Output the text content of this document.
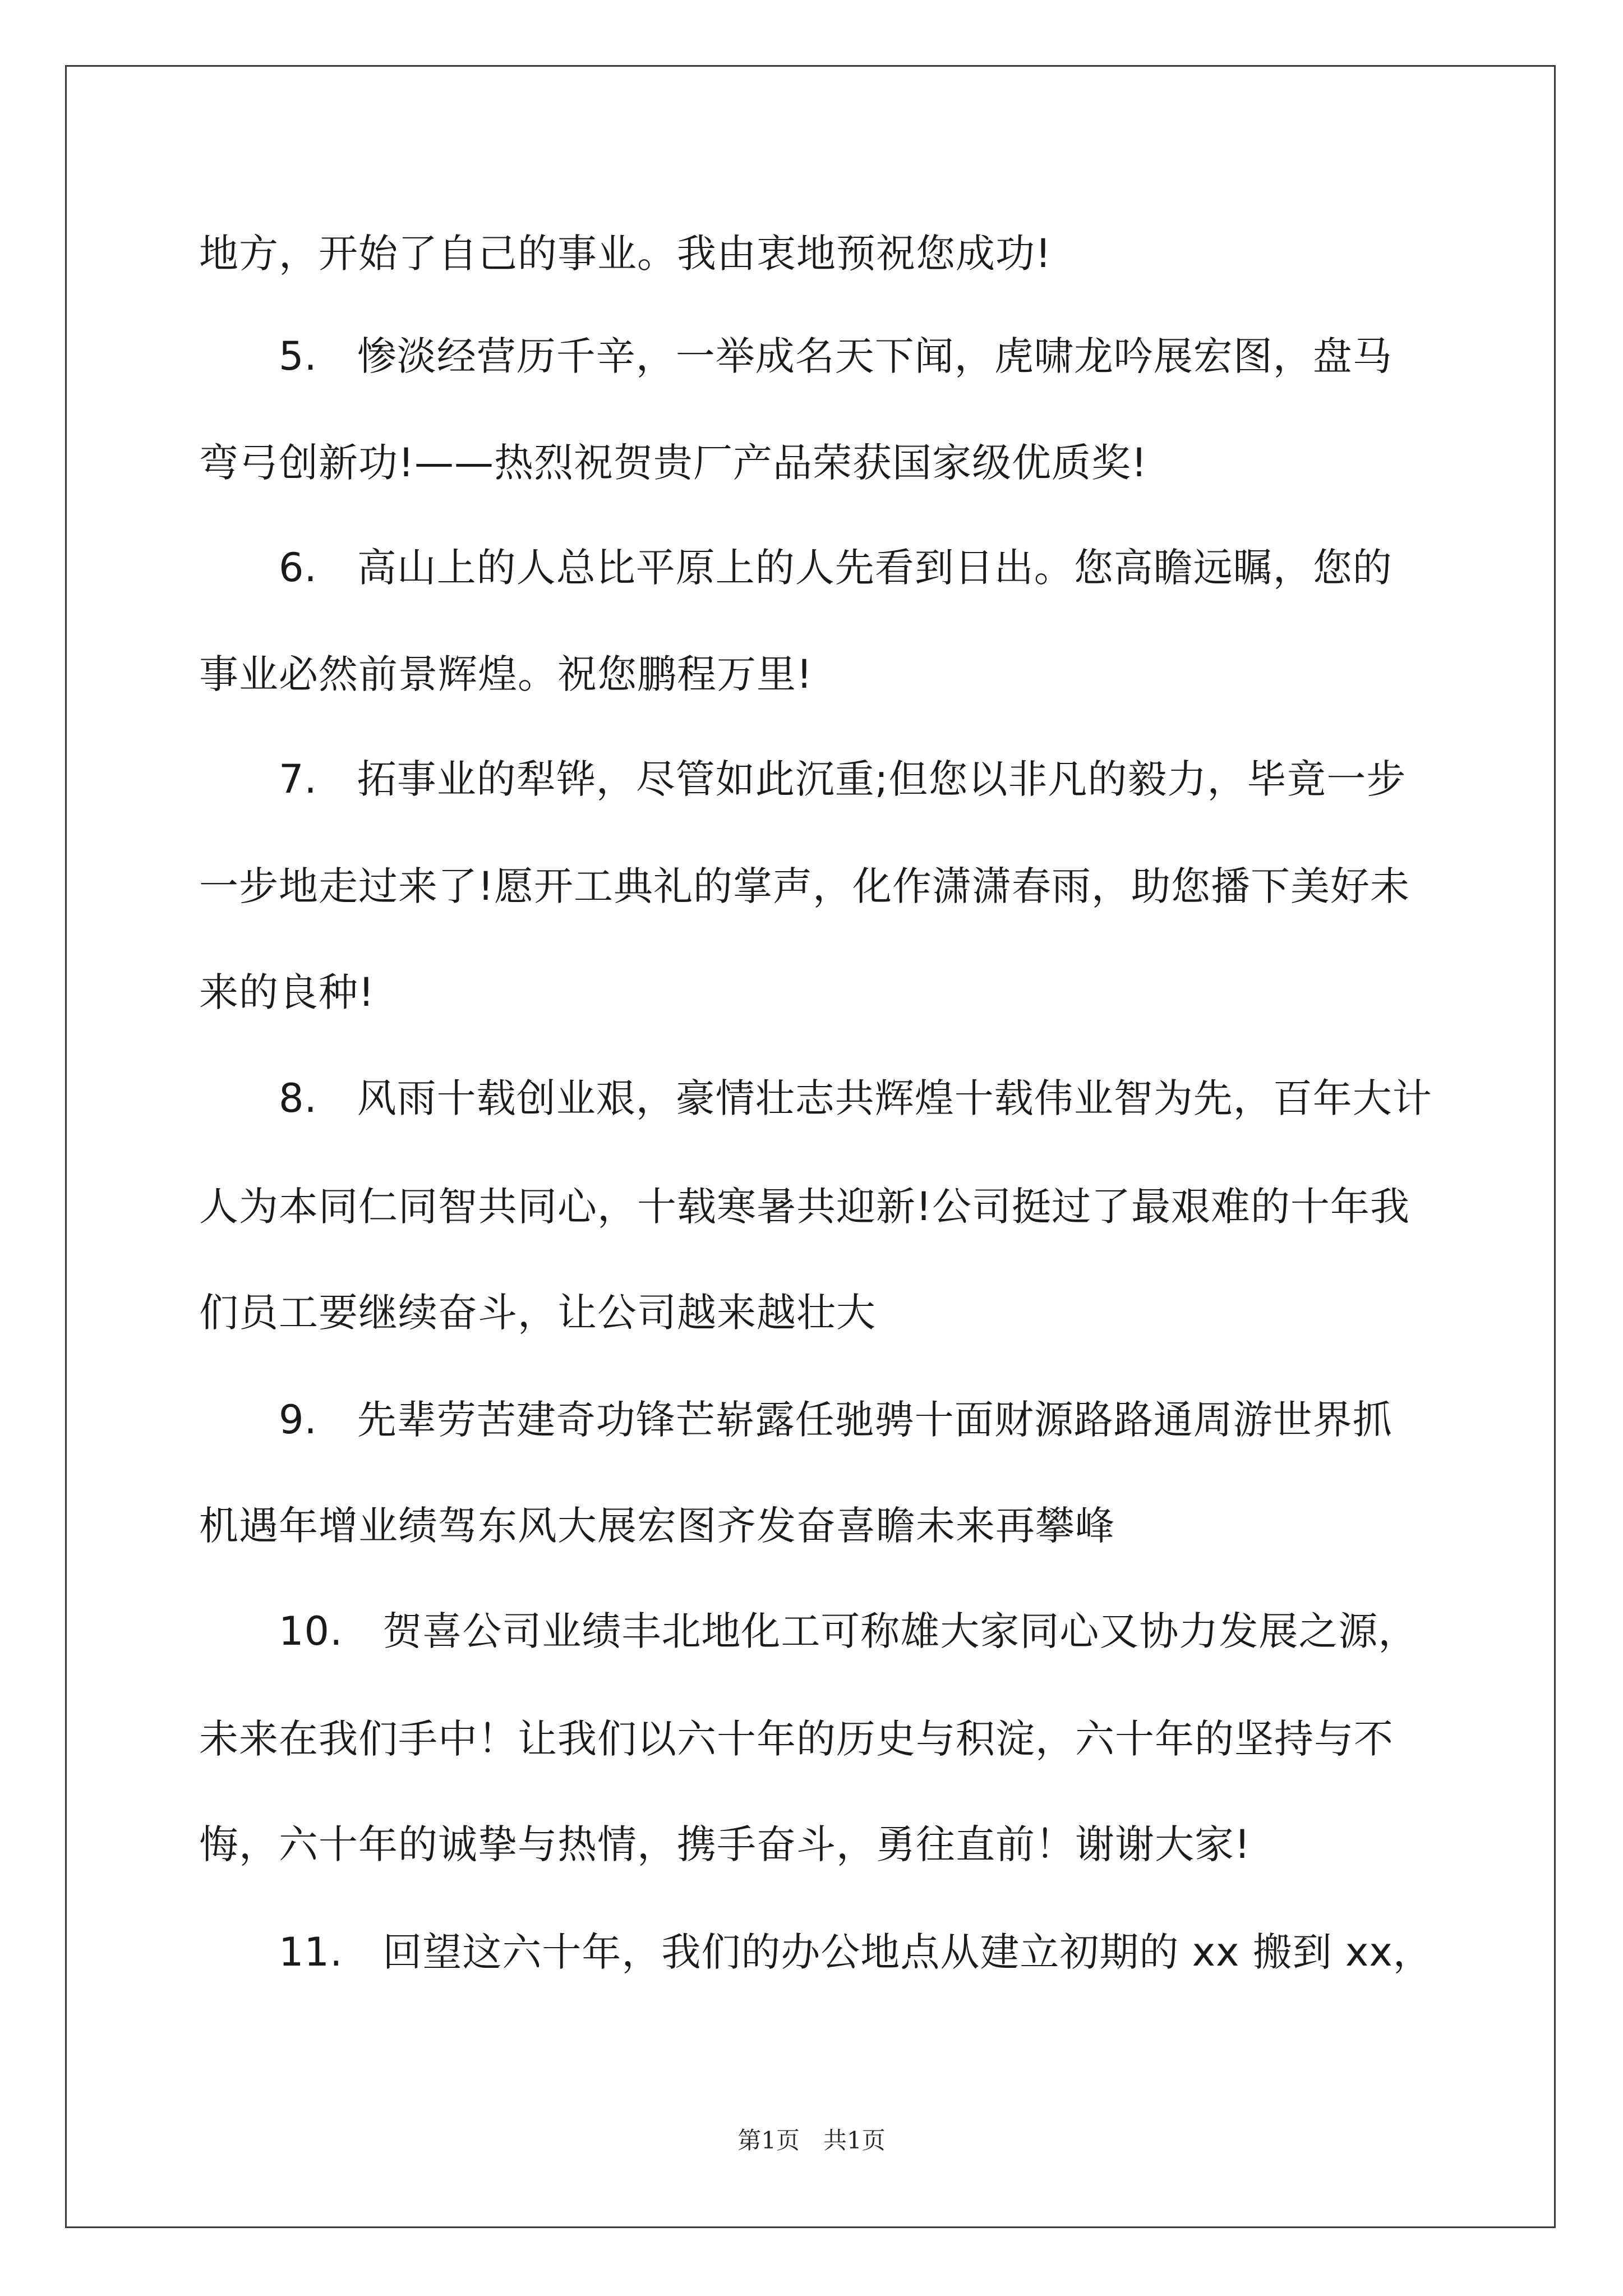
地方，开始了自己的事业。我由衷地预祝您成功!
　　5.　惨淡经营历千辛，一举成名天下闻，虎啸龙吟展宏图，盘马
弯弓创新功!——热烈祝贺贵厂产品荣获国家级优质奖!
　　6.　高山上的人总比平原上的人先看到日出。您高瞻远瞩，您的
事业必然前景辉煌。祝您鹏程万里!
　　7.　拓事业的犁铧，尽管如此沉重;但您以非凡的毅力，毕竟一步
一步地走过来了!愿开工典礼的掌声，化作潇潇春雨，助您播下美好未
来的良种!
　　8.　风雨十载创业艰，豪情壮志共辉煌十载伟业智为先，百年大计
人为本同仁同智共同心，十载寒暑共迎新!公司挺过了最艰难的十年我
们员工要继续奋斗，让公司越来越壮大
　　9.　先辈劳苦建奇功锋芒崭露任驰骋十面财源路路通周游世界抓
机遇年增业绩驾东风大展宏图齐发奋喜瞻未来再攀峰
　　10.　贺喜公司业绩丰北地化工可称雄大家同心又协力发展之源，
未来在我们手中！让我们以六十年的历史与积淀，六十年的坚持与不
悔，六十年的诚挚与热情，携手奋斗，勇往直前！谢谢大家!
　　11.　回望这六十年，我们的办公地点从建立初期的 xx 搬到 xx，
第1页　共1页
